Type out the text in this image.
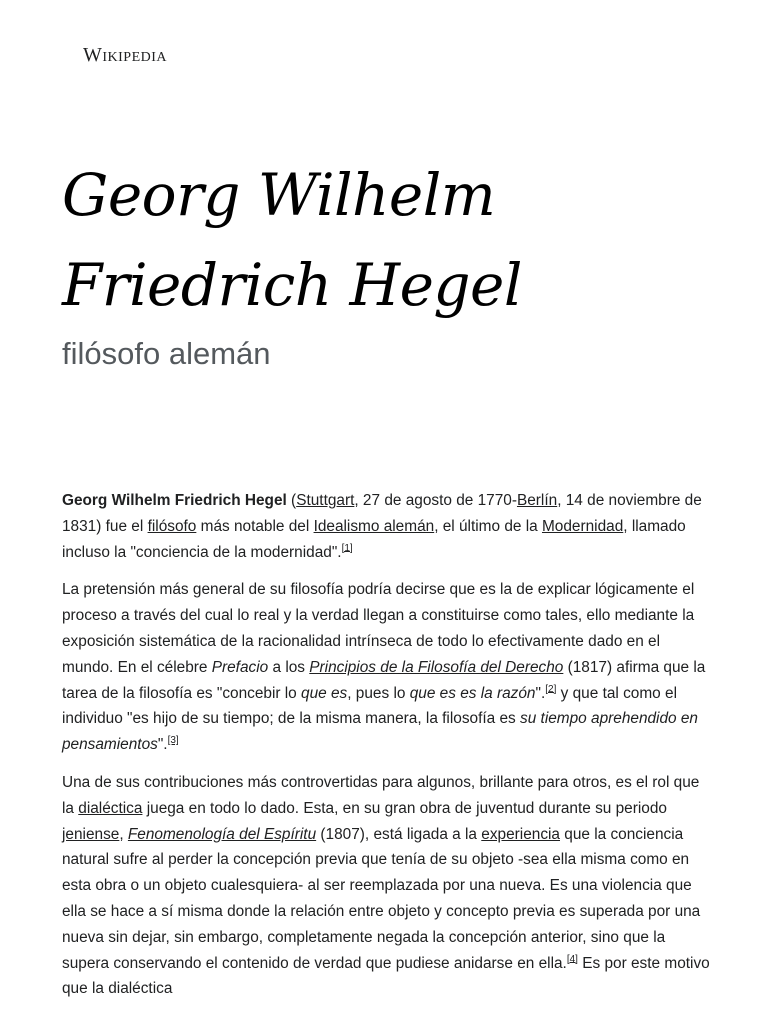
Wikipedia
Georg Wilhelm Friedrich Hegel
filósofo alemán

Georg Wilhelm Friedrich Hegel (Stuttgart, 27 de agosto de 1770-Berlín, 14 de noviembre de 1831) fue el filósofo más notable del Idealismo alemán, el último de la Modernidad, llamado incluso la "conciencia de la modernidad".[1]

La pretensión más general de su filosofía podría decirse que es la de explicar lógicamente el proceso a través del cual lo real y la verdad llegan a constituirse como tales, ello mediante la exposición sistemática de la racionalidad intrínseca de todo lo efectivamente dado en el mundo. En el célebre Prefacio a los Principios de la Filosofía del Derecho (1817) afirma que la tarea de la filosofía es "concebir lo que es, pues lo que es es la razón".[2] y que tal como el individuo "es hijo de su tiempo; de la misma manera, la filosofía es su tiempo aprehendido en pensamientos".[3]

Una de sus contribuciones más controvertidas para algunos, brillante para otros, es el rol que la dialéctica juega en todo lo dado. Esta, en su gran obra de juventud durante su periodo jeniense, Fenomenología del Espíritu (1807), está ligada a la experiencia que la conciencia natural sufre al perder la concepción previa que tenía de su objeto -sea ella misma como en esta obra o un objeto cualesquiera- al ser reemplazada por una nueva. Es una violencia que ella se hace a sí misma donde la relación entre objeto y concepto previa es superada por una nueva sin dejar, sin embargo, completamente negada la concepción anterior, sino que la supera conservando el contenido de verdad que pudiese anidarse en ella.[4] Es por este motivo que la dialéctica
